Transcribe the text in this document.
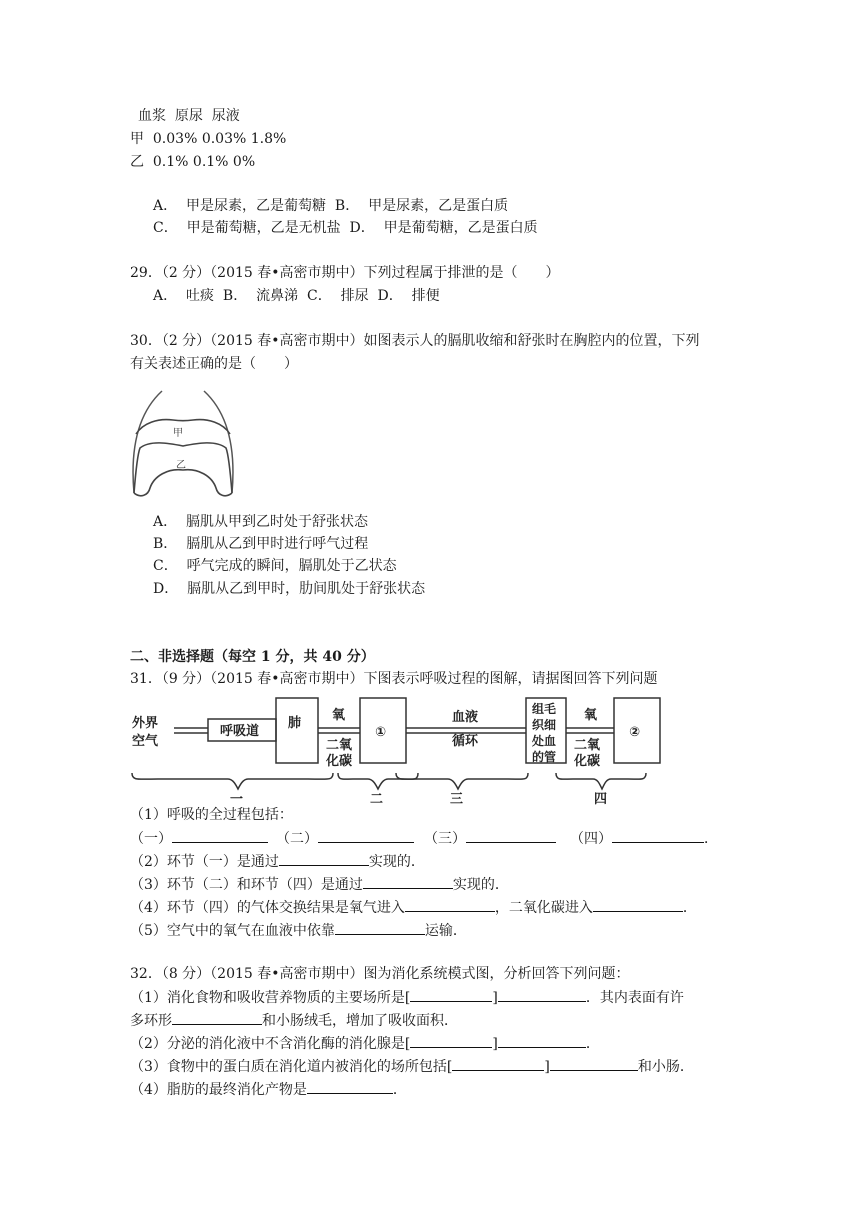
血浆  原尿  尿液
甲  0.03% 0.03% 1.8%
乙  0.1% 0.1% 0%
A．  甲是尿素，乙是葡萄糖  B．  甲是尿素，乙是蛋白质
C．  甲是葡萄糖，乙是无机盐  D．  甲是葡萄糖，乙是蛋白质
29．（2 分）（2015 春•高密市期中）下列过程属于排泄的是（　　）
A．  吐痰  B．  流鼻涕  C．  排尿  D．  排便
30．（2 分）（2015 春•高密市期中）如图表示人的膈肌收缩和舒张时在胸腔内的位置，下列
有关表述正确的是（　　）
甲
乙
A．  膈肌从甲到乙时处于舒张状态
B．  膈肌从乙到甲时进行呼气过程
C．  呼气完成的瞬间，膈肌处于乙状态
D．  膈肌从乙到甲时，肋间肌处于舒张状态
二、非选择题（每空 1 分，共 40 分）
31．（9 分）（2015 春•高密市期中）下图表示呼吸过程的图解，请据图回答下列问题
外界
空气
呼吸道
肺
氧
二氧
化碳
①
血液
循环
组毛
织细
处血
的管
氧
二氧
化碳
②
一	二	三	四
（1）呼吸的全过程包括：
（一）	（二）	（三）	（四）	．
（2）环节（一）是通过	实现的．
（3）环节（二）和环节（四）是通过	实现的．
（4）环节（四）的气体交换结果是氧气进入	，二氧化碳进入	．
（5）空气中的氧气在血液中依靠	运输．
32．（8 分）（2015 春•高密市期中）图为消化系统模式图，分析回答下列问题：
（1）消化食物和吸收营养物质的主要场所是[	]	．其内表面有许
多环形	和小肠绒毛，增加了吸收面积．
（2）分泌的消化液中不含消化酶的消化腺是[	]	．
（3）食物中的蛋白质在消化道内被消化的场所包括[	]	和小肠．
（4）脂肪的最终消化产物是	．
